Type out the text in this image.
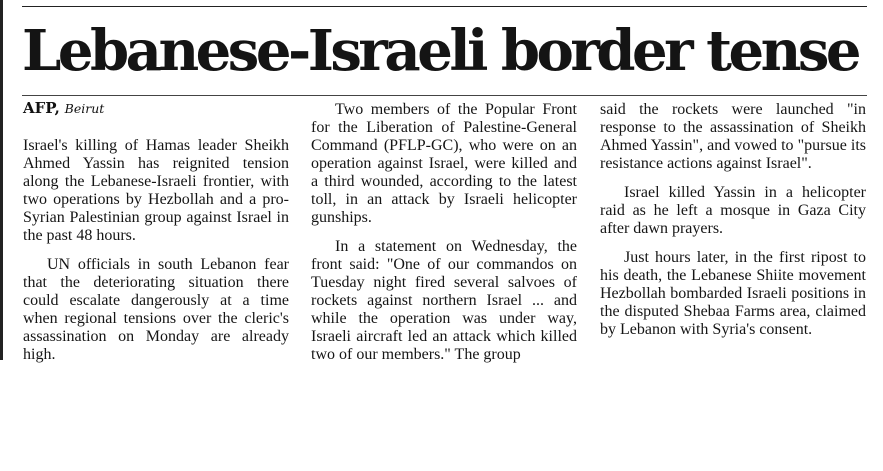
Lebanese-Israeli border tense
AFP, Beirut

Israel's killing of Hamas leader Sheikh Ahmed Yassin has reignited tension along the Lebanese-Israeli frontier, with two operations by Hezbollah and a pro-Syrian Palestinian group against Israel in the past 48 hours.

UN officials in south Lebanon fear that the deteriorating situation there could escalate dangerously at a time when regional tensions over the cleric's assassination on Monday are already high.

Two members of the Popular Front for the Liberation of Palestine-General Command (PFLP-GC), who were on an operation against Israel, were killed and a third wounded, according to the latest toll, in an attack by Israeli helicopter gunships.

In a statement on Wednesday, the front said: "One of our commandos on Tuesday night fired several salvoes of rockets against northern Israel ... and while the operation was under way, Israeli aircraft led an attack which killed two of our members." The group

said the rockets were launched "in response to the assassination of Sheikh Ahmed Yassin", and vowed to "pursue its resistance actions against Israel".

Israel killed Yassin in a helicopter raid as he left a mosque in Gaza City after dawn prayers.

Just hours later, in the first ripost to his death, the Lebanese Shiite movement Hezbollah bombarded Israeli positions in the disputed Shebaa Farms area, claimed by Lebanon with Syria's consent.
